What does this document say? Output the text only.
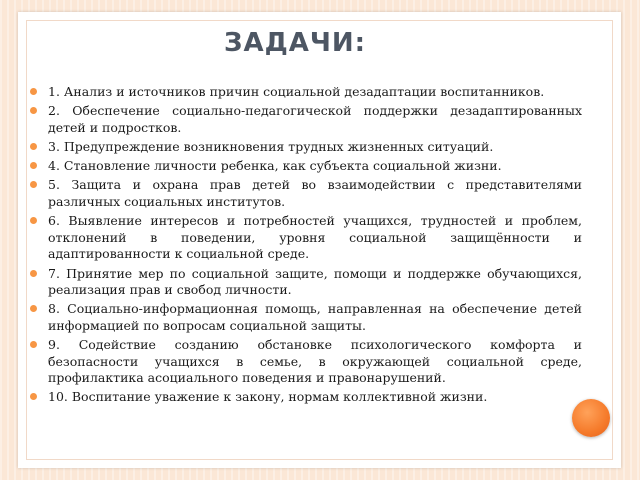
ЗАДАЧИ:
1. Анализ и источников причин социальной дезадаптации воспитанников.
2. Обеспечение социально-педагогической поддержки дезадаптированных детей и подростков.
3. Предупреждение возникновения трудных жизненных ситуаций.
4. Становление личности ребенка, как субъекта социальной жизни.
5. Защита и охрана прав детей во взаимодействии с представителями различных социальных институтов.
6. Выявление интересов и потребностей учащихся, трудностей и проблем, отклонений в поведении, уровня социальной защищённости и адаптированности к социальной среде.
7. Принятие мер по социальной защите, помощи и поддержке обучающихся, реализация прав и свобод личности.
8. Социально-информационная помощь, направленная на обеспечение детей информацией по вопросам социальной защиты.
9. Содействие созданию обстановке психологического комфорта и безопасности учащихся в семье, в окружающей социальной среде, профилактика асоциального поведения и правонарушений.
10. Воспитание уважение к закону, нормам коллективной жизни.
